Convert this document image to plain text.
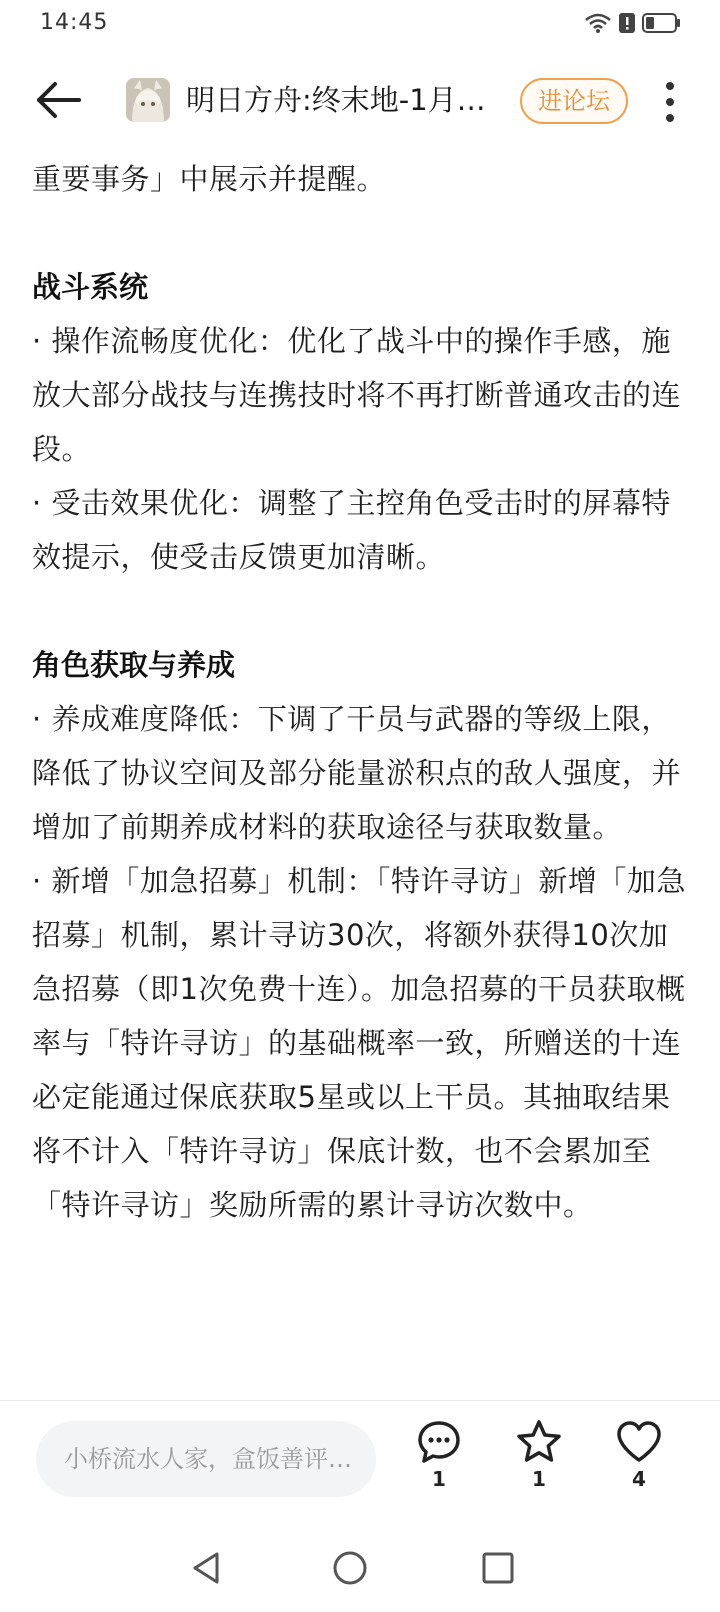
14:45
明日方舟:终末地-1月…	进论坛
重要事务」中展示并提醒。
战斗系统
· 操作流畅度优化：优化了战斗中的操作手感，施放大部分战技与连携技时将不再打断普通攻击的连段。
· 受击效果优化：调整了主控角色受击时的屏幕特效提示，使受击反馈更加清晰。
角色获取与养成
· 养成难度降低：下调了干员与武器的等级上限，降低了协议空间及部分能量淤积点的敌人强度，并增加了前期养成材料的获取途径与获取数量。
· 新增「加急招募」机制：「特许寻访」新增「加急招募」机制，累计寻访30次，将额外获得10次加急招募（即1次免费十连）。加急招募的干员获取概率与「特许寻访」的基础概率一致，所赠送的十连必定能通过保底获取5星或以上干员。其抽取结果将不计入「特许寻访」保底计数，也不会累加至「特许寻访」奖励所需的累计寻访次数中。
小桥流水人家，盒饭善评…
1	1	4
